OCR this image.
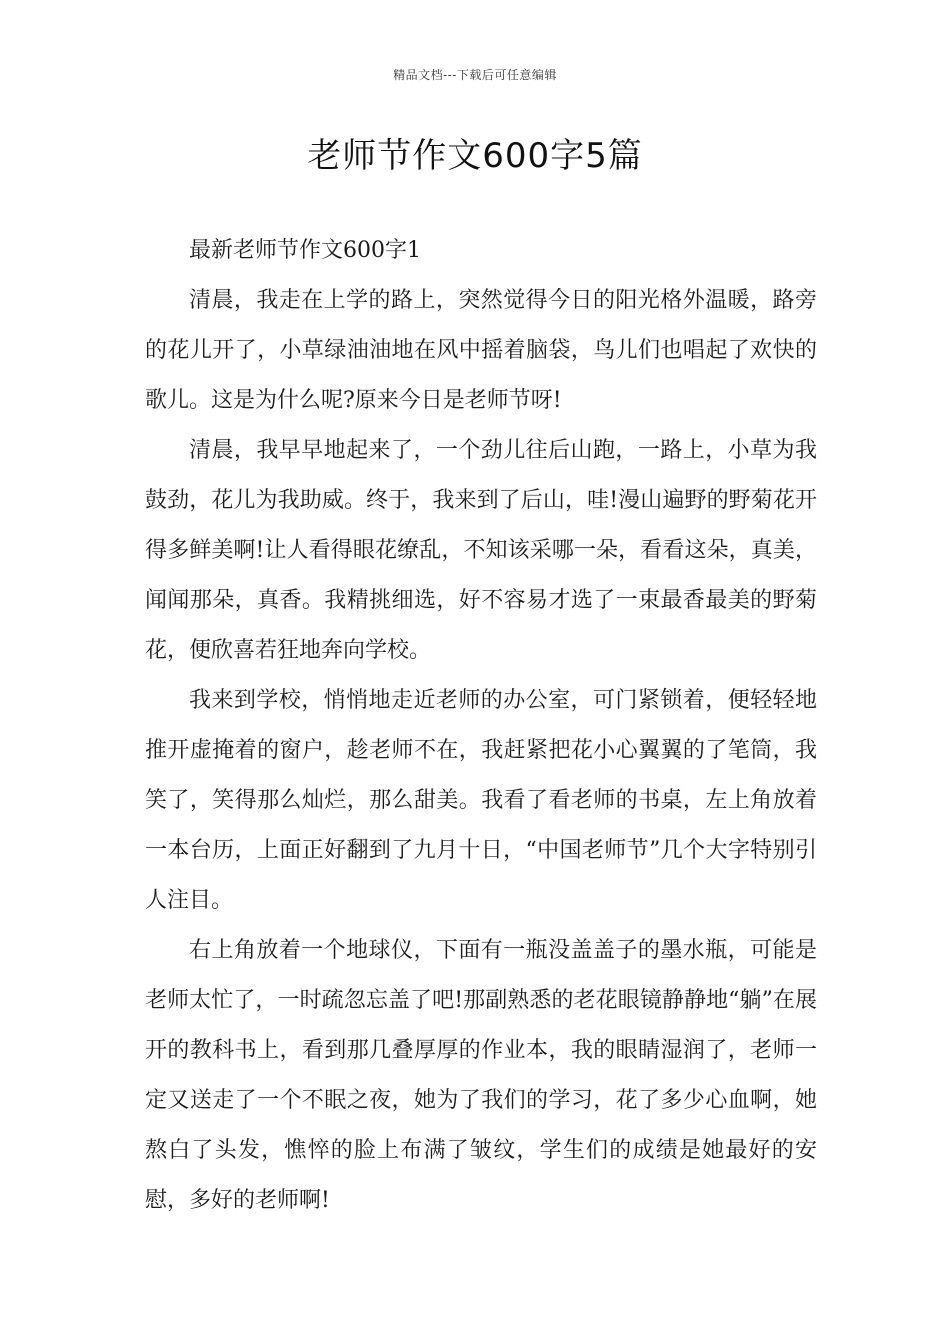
精品文档---下载后可任意编辑
老师节作文600字5篇
最新老师节作文600字1

清晨，我走在上学的路上，突然觉得今日的阳光格外温暖，路旁的花儿开了，小草绿油油地在风中摇着脑袋，鸟儿们也唱起了欢快的歌儿。这是为什么呢?原来今日是老师节呀!

清晨，我早早地起来了，一个劲儿往后山跑，一路上，小草为我鼓劲，花儿为我助威。终于，我来到了后山，哇!漫山遍野的野菊花开得多鲜美啊!让人看得眼花缭乱，不知该采哪一朵，看看这朵，真美，闻闻那朵，真香。我精挑细选，好不容易才选了一束最香最美的野菊花，便欣喜若狂地奔向学校。

我来到学校，悄悄地走近老师的办公室，可门紧锁着，便轻轻地推开虚掩着的窗户，趁老师不在，我赶紧把花小心翼翼的了笔筒，我笑了，笑得那么灿烂，那么甜美。我看了看老师的书桌，左上角放着一本台历，上面正好翻到了九月十日，“中国老师节”几个大字特别引人注目。

右上角放着一个地球仪，下面有一瓶没盖盖子的墨水瓶，可能是老师太忙了，一时疏忽忘盖了吧!那副熟悉的老花眼镜静静地“躺”在展开的教科书上，看到那几叠厚厚的作业本，我的眼睛湿润了，老师一定又送走了一个不眠之夜，她为了我们的学习，花了多少心血啊，她熬白了头发，憔悴的脸上布满了皱纹，学生们的成绩是她最好的安慰，多好的老师啊!
